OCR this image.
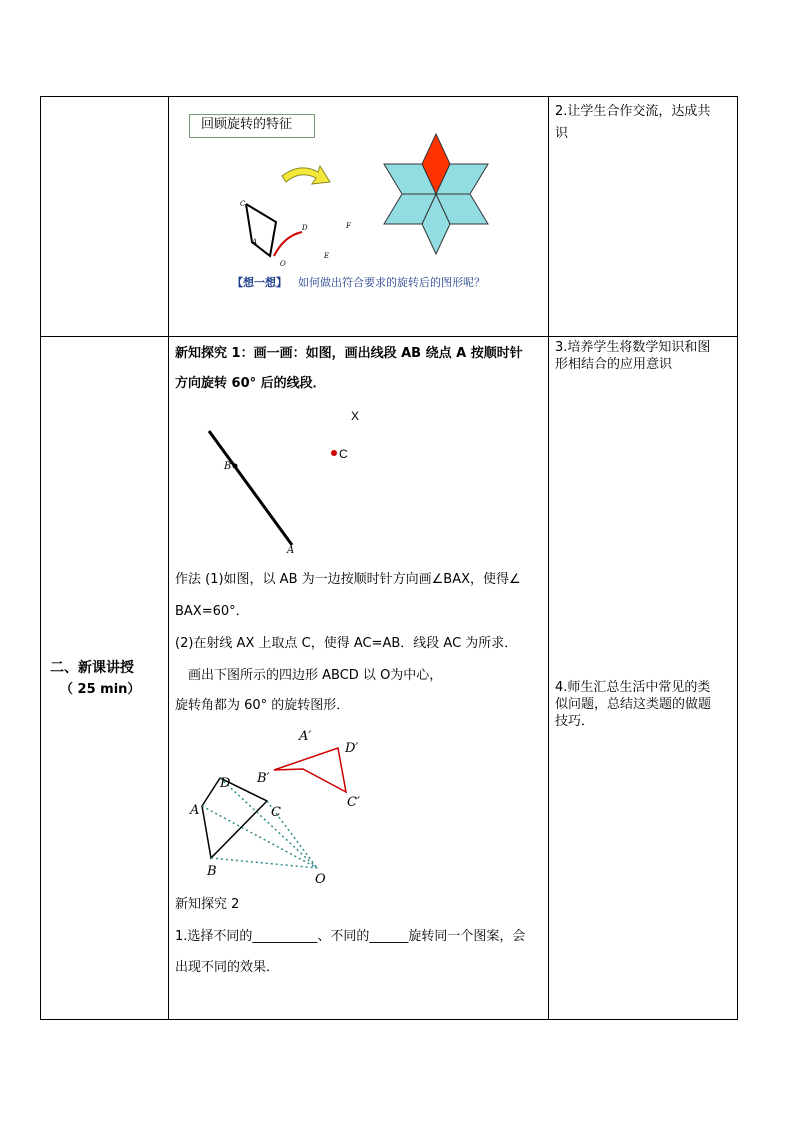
回顾旋转的特征
C
A
O
D
E
F
【想一想】 如何做出符合要求的旋转后的图形呢？
2.让学生合作交流，达成共
识
二、新课讲授
（ 25 min）
新知探究 1：画一画：如图，画出线段 AB 绕点 A 按顺时针
方向旋转 60° 后的线段．
X
C
B
A
作法 (1)如图，以 AB 为一边按顺时针方向画∠BAX，使得∠
BAX=60°．
(2)在射线 AX 上取点 C，使得 AC=AB．线段 AC 为所求．
画出下图所示的四边形 ABCD 以 O为中心，
旋转角都为 60° 的旋转图形．
A′
D′
B′
C′
D
A	C
B
O
新知探究 2
1.选择不同的__________、不同的______旋转同一个图案，会
出现不同的效果．
3.培养学生将数学知识和图
形相结合的应用意识
4.师生汇总生活中常见的类
似问题，总结这类题的做题
技巧．
